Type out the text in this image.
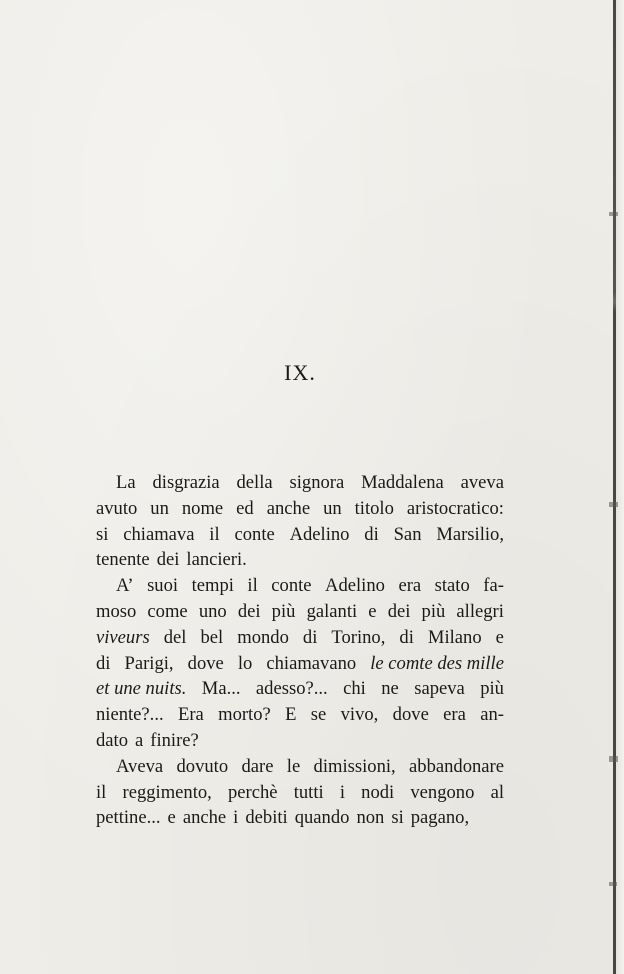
IX.
La disgrazia della signora Maddalena aveva
avuto un nome ed anche un titolo aristocratico:
si chiamava il conte Adelino di San Marsilio,
tenente dei lancieri.
A’ suoi tempi il conte Adelino era stato fa-
moso come uno dei più galanti e dei più allegri
viveurs del bel mondo di Torino, di Milano e
di Parigi, dove lo chiamavano le comte des mille
et une nuits. Ma... adesso?... chi ne sapeva più
niente?... Era morto? E se vivo, dove era an-
dato a finire?
Aveva dovuto dare le dimissioni, abbandonare
il reggimento, perchè tutti i nodi vengono al
pettine... e anche i debiti quando non si pagano,
